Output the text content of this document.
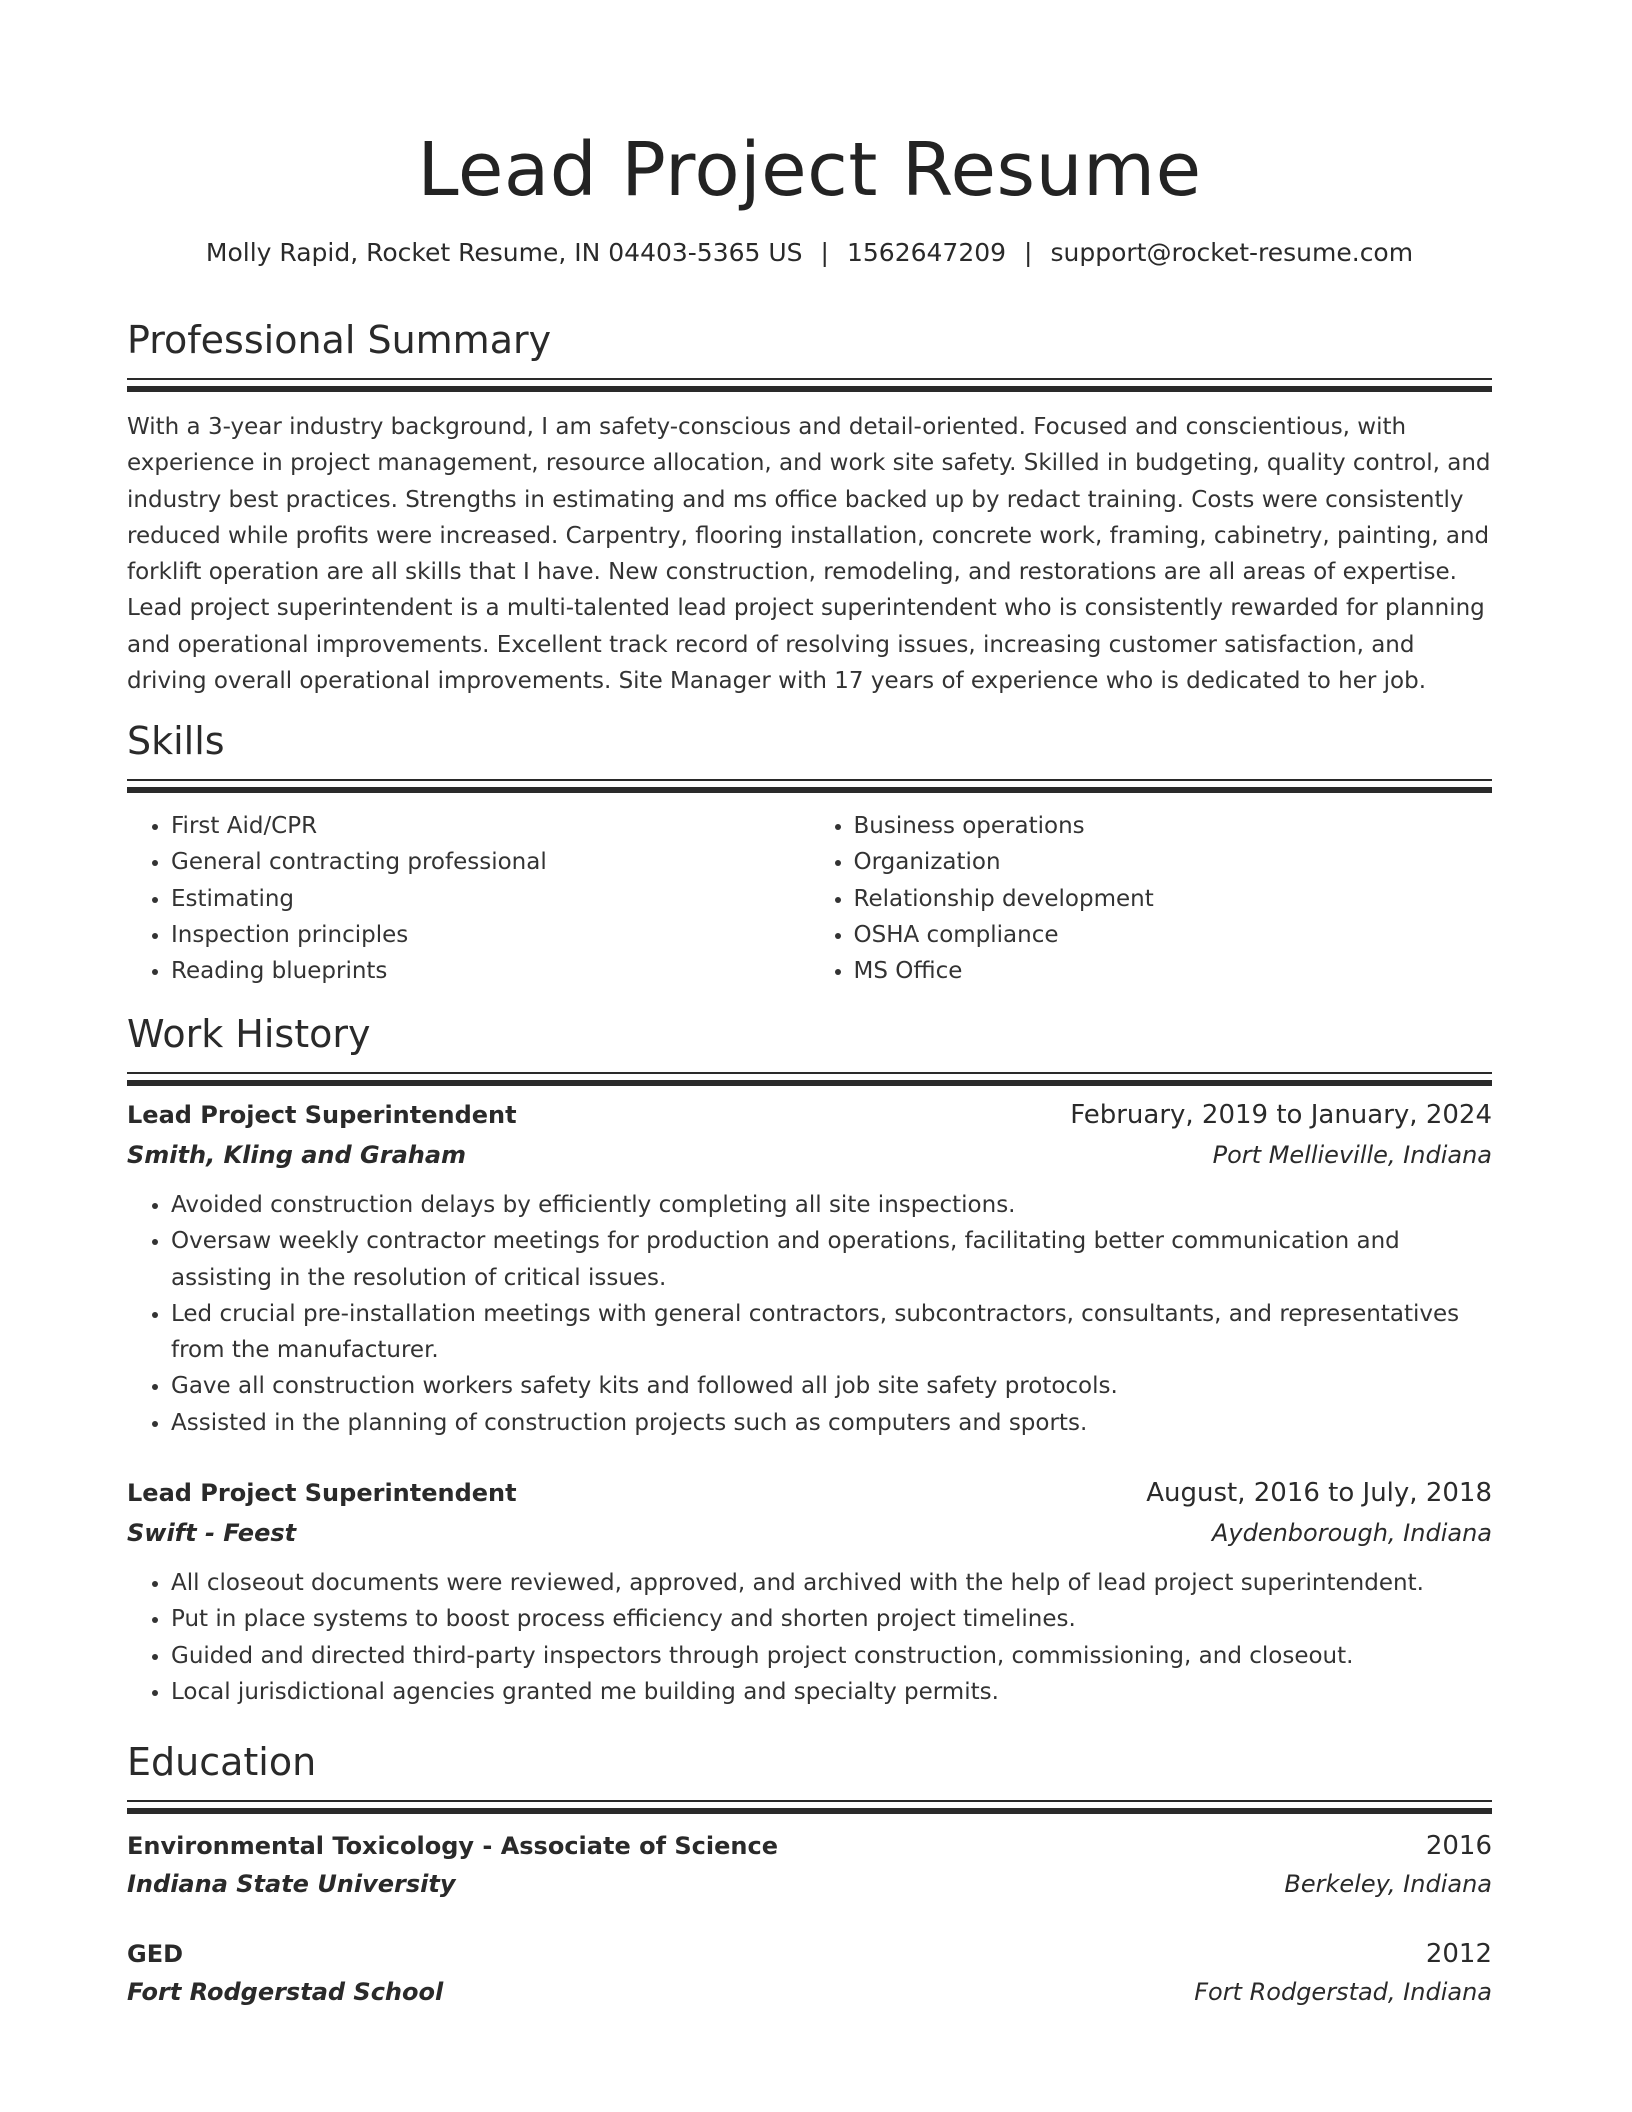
Lead Project Resume
Molly Rapid, Rocket Resume, IN 04403-5365 US | 1562647209 | support@rocket-resume.com
Professional Summary
With a 3-year industry background, I am safety-conscious and detail-oriented. Focused and conscientious, with experience in project management, resource allocation, and work site safety. Skilled in budgeting, quality control, and industry best practices. Strengths in estimating and ms office backed up by redact training. Costs were consistently reduced while profits were increased. Carpentry, flooring installation, concrete work, framing, cabinetry, painting, and forklift operation are all skills that I have. New construction, remodeling, and restorations are all areas of expertise. Lead project superintendent is a multi-talented lead project superintendent who is consistently rewarded for planning and operational improvements. Excellent track record of resolving issues, increasing customer satisfaction, and driving overall operational improvements. Site Manager with 17 years of experience who is dedicated to her job.
Skills
• First Aid/CPR
• General contracting professional
• Estimating
• Inspection principles
• Reading blueprints
• Business operations
• Organization
• Relationship development
• OSHA compliance
• MS Office
Work History
Lead Project Superintendent	February, 2019 to January, 2024
Smith, Kling and Graham	Port Mellieville, Indiana
• Avoided construction delays by efficiently completing all site inspections.
• Oversaw weekly contractor meetings for production and operations, facilitating better communication and assisting in the resolution of critical issues.
• Led crucial pre-installation meetings with general contractors, subcontractors, consultants, and representatives from the manufacturer.
• Gave all construction workers safety kits and followed all job site safety protocols.
• Assisted in the planning of construction projects such as computers and sports.
Lead Project Superintendent	August, 2016 to July, 2018
Swift - Feest	Aydenborough, Indiana
• All closeout documents were reviewed, approved, and archived with the help of lead project superintendent.
• Put in place systems to boost process efficiency and shorten project timelines.
• Guided and directed third-party inspectors through project construction, commissioning, and closeout.
• Local jurisdictional agencies granted me building and specialty permits.
Education
Environmental Toxicology - Associate of Science	2016
Indiana State University	Berkeley, Indiana
GED	2012
Fort Rodgerstad School	Fort Rodgerstad, Indiana
